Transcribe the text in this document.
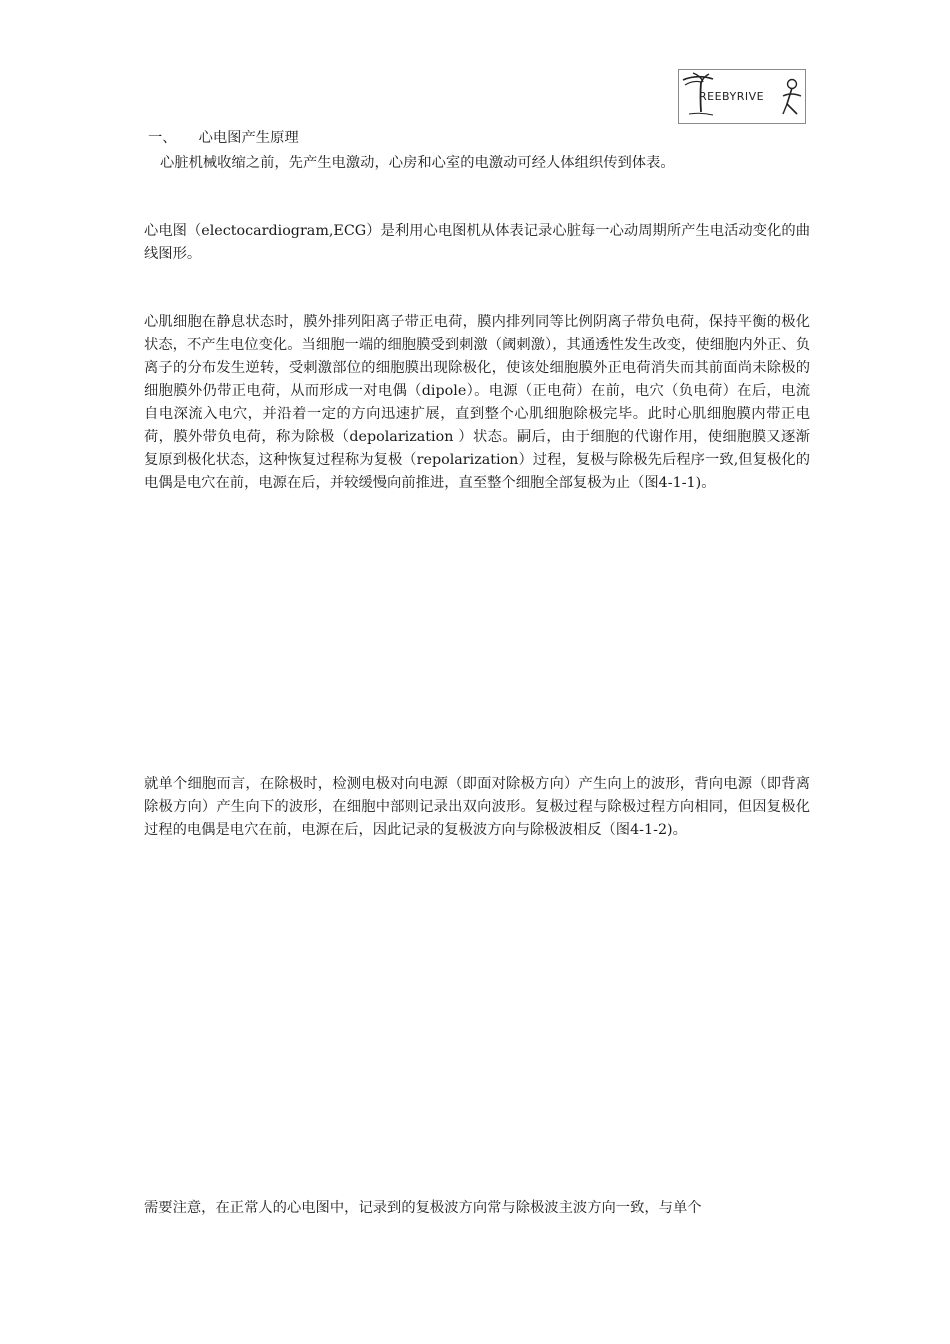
REEBYRIVE

一、 心电图产生原理

心脏机械收缩之前，先产生电激动，心房和心室的电激动可经人体组织传到体表。

心电图（electocardiogram,ECG）是利用心电图机从体表记录心脏每一心动周期所产生电活动变化的曲线图形。

心肌细胞在静息状态时，膜外排列阳离子带正电荷，膜内排列同等比例阴离子带负电荷，保持平衡的极化状态，不产生电位变化。当细胞一端的细胞膜受到刺激（阈刺激），其通透性发生改变，使细胞内外正、负离子的分布发生逆转，受刺激部位的细胞膜出现除极化，使该处细胞膜外正电荷消失而其前面尚未除极的细胞膜外仍带正电荷，从而形成一对电偶（dipole）。电源（正电荷）在前，电穴（负电荷）在后，电流自电深流入电穴，并沿着一定的方向迅速扩展，直到整个心肌细胞除极完毕。此时心肌细胞膜内带正电荷，膜外带负电荷，称为除极（depolarization ）状态。嗣后，由于细胞的代谢作用，使细胞膜又逐渐复原到极化状态，这种恢复过程称为复极（repolarization）过程，复极与除极先后程序一致,但复极化的电偶是电穴在前，电源在后，并较缓慢向前推进，直至整个细胞全部复极为止（图4-1-1)。

就单个细胞而言，在除极时，检测电极对向电源（即面对除极方向）产生向上的波形，背向电源（即背离除极方向）产生向下的波形，在细胞中部则记录出双向波形。复极过程与除极过程方向相同，但因复极化过程的电偶是电穴在前，电源在后，因此记录的复极波方向与除极波相反（图4-1-2)。

需要注意，在正常人的心电图中，记录到的复极波方向常与除极波主波方向一致，与单个
